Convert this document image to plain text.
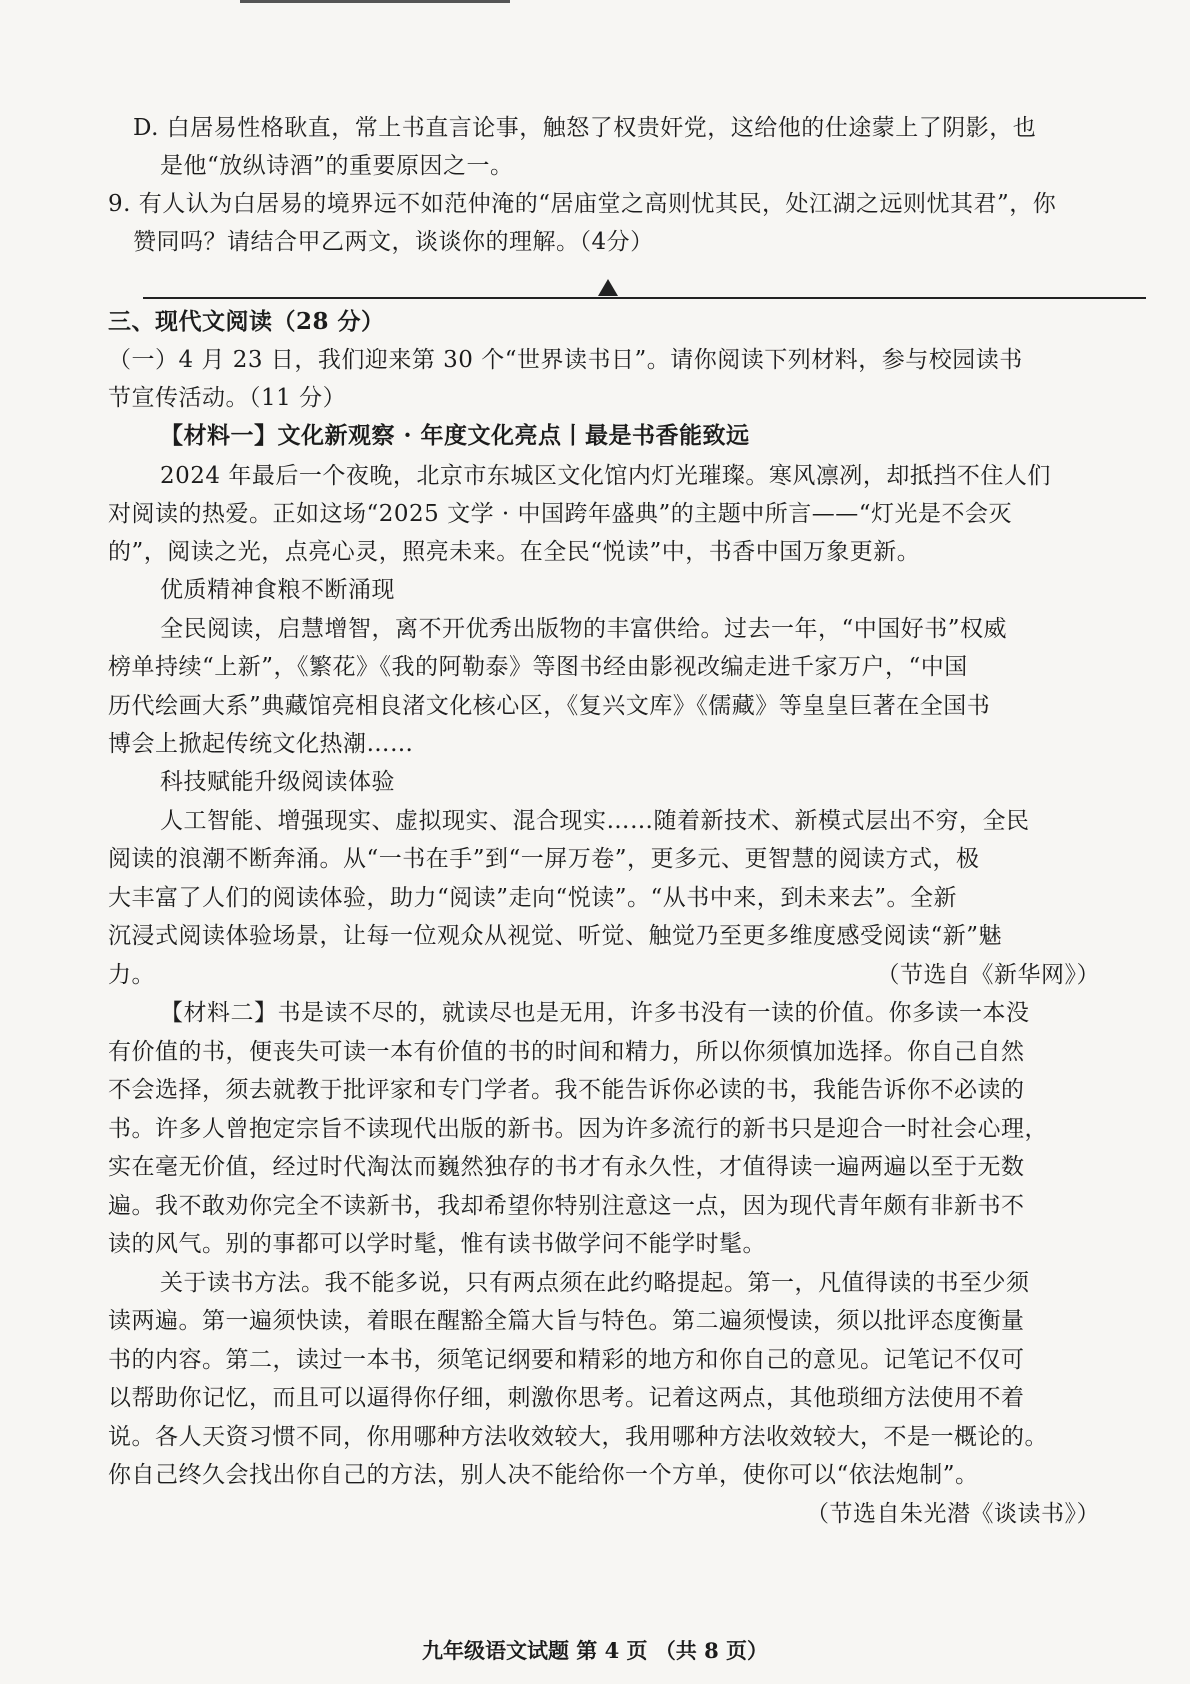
D. 白居易性格耿直，常上书直言论事，触怒了权贵奸党，这给他的仕途蒙上了阴影，也
是他“放纵诗酒”的重要原因之一。
9. 有人认为白居易的境界远不如范仲淹的“居庙堂之高则忧其民，处江湖之远则忧其君”，你
赞同吗？请结合甲乙两文，谈谈你的理解。（4分）
三、现代文阅读（28 分）
（一）4 月 23 日，我们迎来第 30 个“世界读书日”。请你阅读下列材料，参与校园读书
节宣传活动。（11 分）
【材料一】文化新观察 · 年度文化亮点丨最是书香能致远
2024 年最后一个夜晚，北京市东城区文化馆内灯光璀璨。寒风凛冽，却抵挡不住人们
对阅读的热爱。正如这场“2025 文学 · 中国跨年盛典”的主题中所言——“灯光是不会灭
的”，阅读之光，点亮心灵，照亮未来。在全民“悦读”中，书香中国万象更新。
优质精神食粮不断涌现
全民阅读，启慧增智，离不开优秀出版物的丰富供给。过去一年，“中国好书”权威
榜单持续“上新”，《繁花》《我的阿勒泰》等图书经由影视改编走进千家万户，“中国
历代绘画大系”典藏馆亮相良渚文化核心区，《复兴文库》《儒藏》等皇皇巨著在全国书
博会上掀起传统文化热潮……
科技赋能升级阅读体验
人工智能、增强现实、虚拟现实、混合现实……随着新技术、新模式层出不穷，全民
阅读的浪潮不断奔涌。从“一书在手”到“一屏万卷”，更多元、更智慧的阅读方式，极
大丰富了人们的阅读体验，助力“阅读”走向“悦读”。“从书中来，到未来去”。全新
沉浸式阅读体验场景，让每一位观众从视觉、听觉、触觉乃至更多维度感受阅读“新”魅
力。	（节选自《新华网》）
【材料二】书是读不尽的，就读尽也是无用，许多书没有一读的价值。你多读一本没
有价值的书，便丧失可读一本有价值的书的时间和精力，所以你须慎加选择。你自己自然
不会选择，须去就教于批评家和专门学者。我不能告诉你必读的书，我能告诉你不必读的
书。许多人曾抱定宗旨不读现代出版的新书。因为许多流行的新书只是迎合一时社会心理，
实在毫无价值，经过时代淘汰而巍然独存的书才有永久性，才值得读一遍两遍以至于无数
遍。我不敢劝你完全不读新书，我却希望你特别注意这一点，因为现代青年颇有非新书不
读的风气。别的事都可以学时髦，惟有读书做学问不能学时髦。
关于读书方法。我不能多说，只有两点须在此约略提起。第一，凡值得读的书至少须
读两遍。第一遍须快读，着眼在醒豁全篇大旨与特色。第二遍须慢读，须以批评态度衡量
书的内容。第二，读过一本书，须笔记纲要和精彩的地方和你自己的意见。记笔记不仅可
以帮助你记忆，而且可以逼得你仔细，刺激你思考。记着这两点，其他琐细方法使用不着
说。各人天资习惯不同，你用哪种方法收效较大，我用哪种方法收效较大，不是一概论的。
你自己终久会找出你自己的方法，别人决不能给你一个方单，使你可以“依法炮制”。
（节选自朱光潜《谈读书》）
九年级语文试题 第 4 页 （共 8 页）
